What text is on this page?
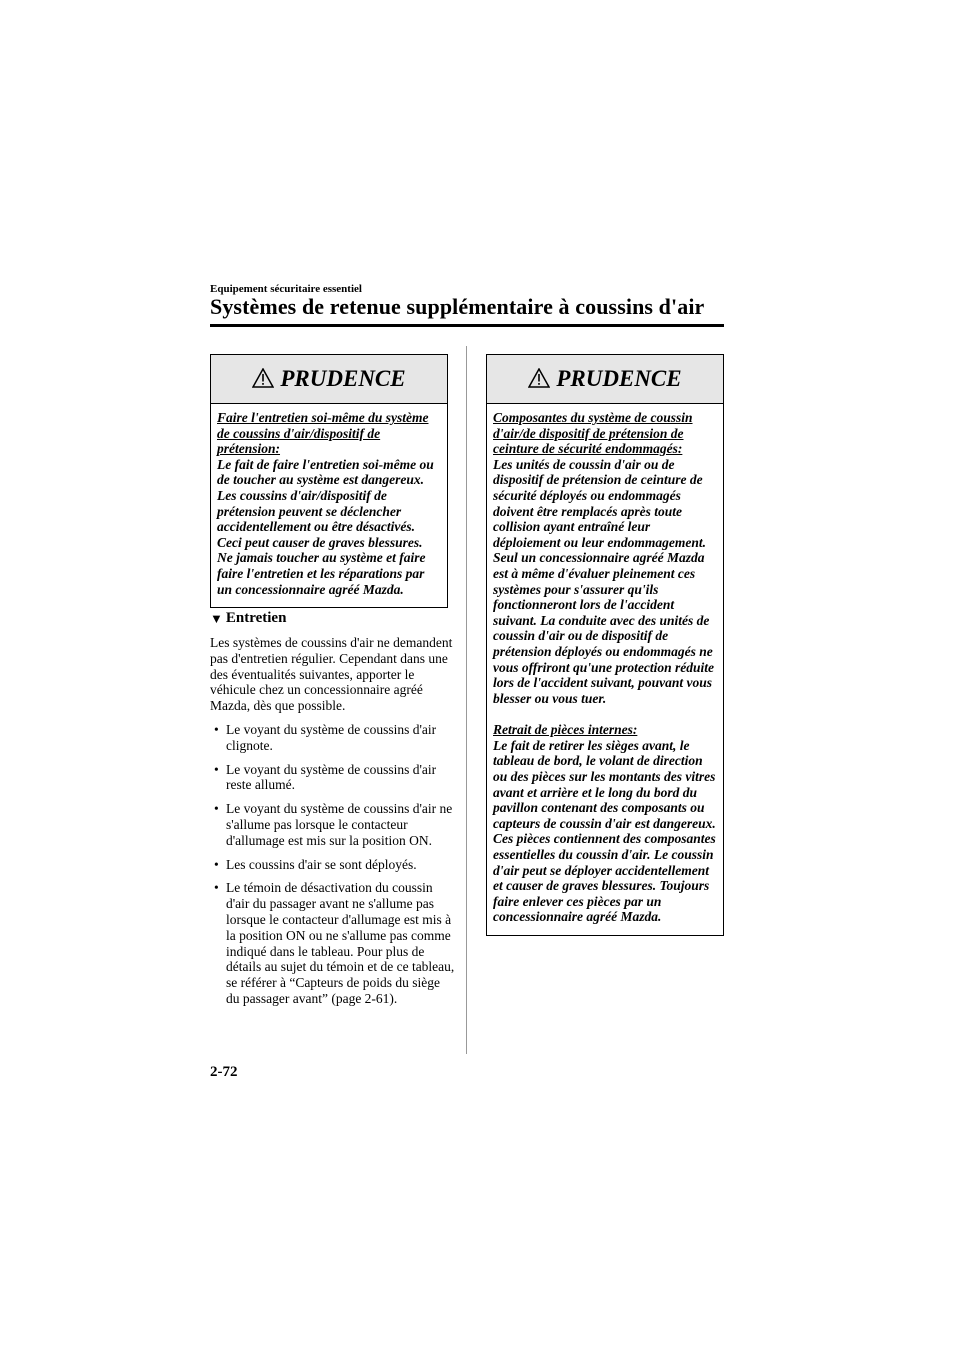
Equipement sécuritaire essentiel
Systèmes de retenue supplémentaire à coussins d'air
PRUDENCE

Faire l'entretien soi-même du système de coussins d'air/dispositif de prétension:

Le fait de faire l'entretien soi-même ou de toucher au système est dangereux. Les coussins d'air/dispositif de prétension peuvent se déclencher accidentellement ou être désactivés. Ceci peut causer de graves blessures. Ne jamais toucher au système et faire faire l'entretien et les réparations par un concessionnaire agréé Mazda.

▼ Entretien

Les systèmes de coussins d'air ne demandent pas d'entretien régulier. Cependant dans une des éventualités suivantes, apporter le véhicule chez un concessionnaire agréé Mazda, dès que possible.

• Le voyant du système de coussins d'air clignote.
• Le voyant du système de coussins d'air reste allumé.
• Le voyant du système de coussins d'air ne s'allume pas lorsque le contacteur d'allumage est mis sur la position ON.
• Les coussins d'air se sont déployés.
• Le témoin de désactivation du coussin d'air du passager avant ne s'allume pas lorsque le contacteur d'allumage est mis à la position ON ou ne s'allume pas comme indiqué dans le tableau. Pour plus de détails au sujet du témoin et de ce tableau, se référer à “Capteurs de poids du siège du passager avant” (page 2-61).
PRUDENCE

Composantes du système de coussin d'air/de dispositif de prétension de ceinture de sécurité endommagés:

Les unités de coussin d'air ou de dispositif de prétension de ceinture de sécurité déployés ou endommagés doivent être remplacés après toute collision ayant entraîné leur déploiement ou leur endommagement. Seul un concessionnaire agréé Mazda est à même d'évaluer pleinement ces systèmes pour s'assurer qu'ils fonctionneront lors de l'accident suivant. La conduite avec des unités de coussin d'air ou de dispositif de prétension déployés ou endommagés ne vous offriront qu'une protection réduite lors de l'accident suivant, pouvant vous blesser ou vous tuer.

Retrait de pièces internes:

Le fait de retirer les sièges avant, le tableau de bord, le volant de direction ou des pièces sur les montants des vitres avant et arrière et le long du bord du pavillon contenant des composants ou capteurs de coussin d'air est dangereux. Ces pièces contiennent des composantes essentielles du coussin d'air. Le coussin d'air peut se déployer accidentellement et causer de graves blessures. Toujours faire enlever ces pièces par un concessionnaire agréé Mazda.

2-72
